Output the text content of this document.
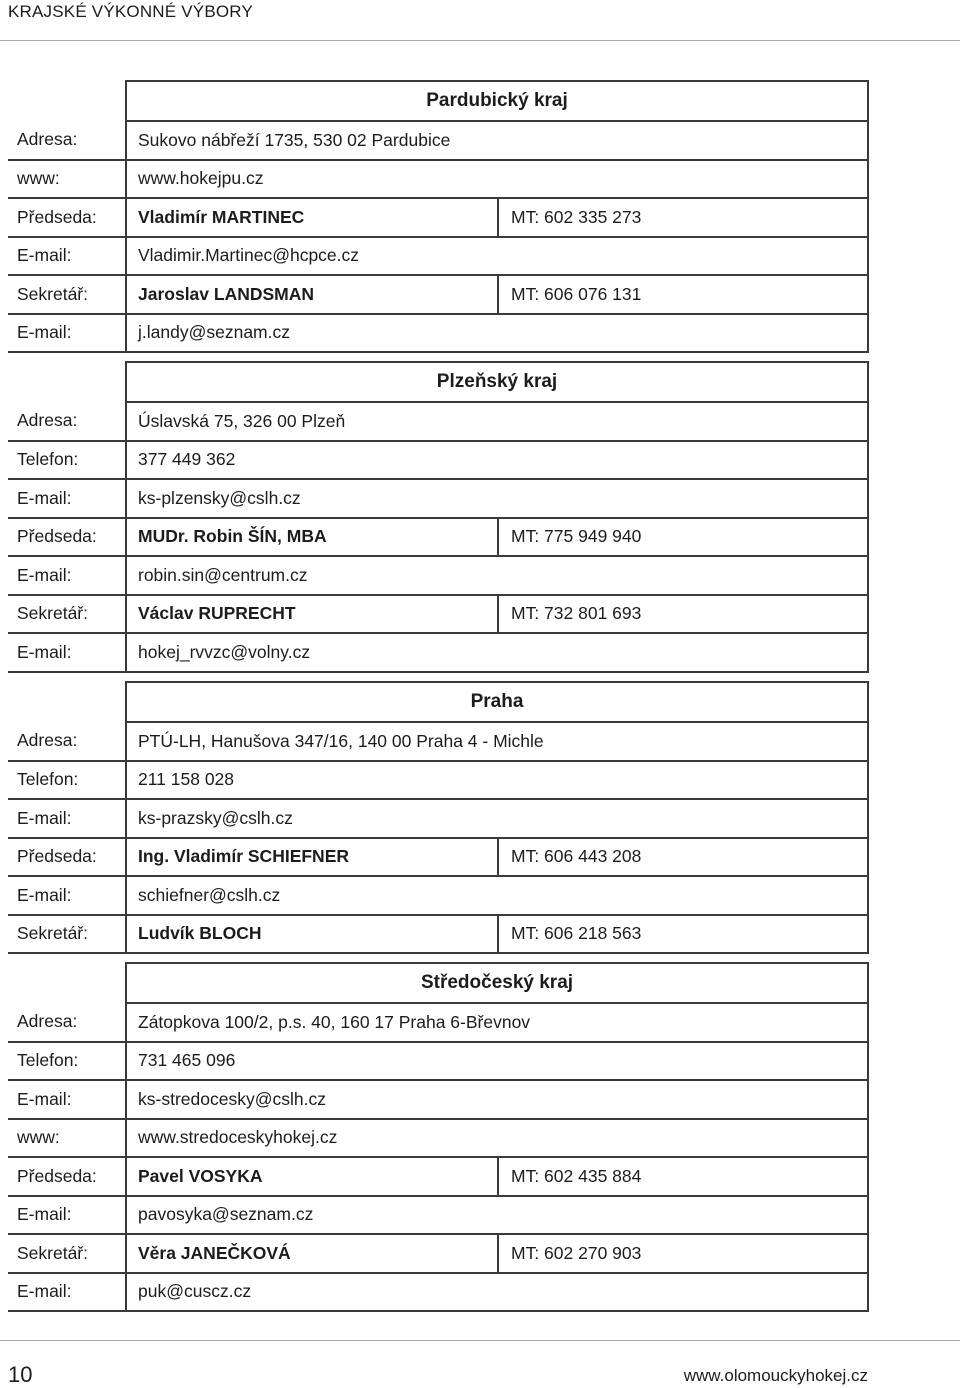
KRAJSKÉ VÝKONNÉ VÝBORY
	Pardubický kraj	
Adresa:	Sukovo nábřeží 1735, 530 02 Pardubice	
www:	www.hokejpu.cz	
Předseda:	Vladimír MARTINEC	MT: 602 335 273
E-mail:	Vladimir.Martinec@hcpce.cz	
Sekretář:	Jaroslav LANDSMAN	MT: 606 076 131
E-mail:	j.landy@seznam.cz	
	Plzeňský kraj	
Adresa:	Úslavská 75, 326 00 Plzeň	
Telefon:	377 449 362	
E-mail:	ks-plzensky@cslh.cz	
Předseda:	MUDr. Robin ŠÍN, MBA	MT: 775 949 940
E-mail:	robin.sin@centrum.cz	
Sekretář:	Václav RUPRECHT	MT: 732 801 693
E-mail:	hokej_rvvzc@volny.cz	
	Praha	
Adresa:	PTÚ-LH, Hanušova 347/16, 140 00 Praha 4 - Michle	
Telefon:	211 158 028	
E-mail:	ks-prazsky@cslh.cz	
Předseda:	Ing. Vladimír SCHIEFNER	MT: 606 443 208
E-mail:	schiefner@cslh.cz	
Sekretář:	Ludvík BLOCH	MT: 606 218 563
	Středočeský kraj	
Adresa:	Zátopkova 100/2, p.s. 40, 160 17 Praha 6-Břevnov	
Telefon:	731 465 096	
E-mail:	ks-stredocesky@cslh.cz	
www:	www.stredoceskyhokej.cz	
Předseda:	Pavel VOSYKA	MT: 602 435 884
E-mail:	pavosyka@seznam.cz	
Sekretář:	Věra JANEČKOVÁ	MT: 602 270 903
E-mail:	puk@cuscz.cz	
10	www.olomouckyhokej.cz
